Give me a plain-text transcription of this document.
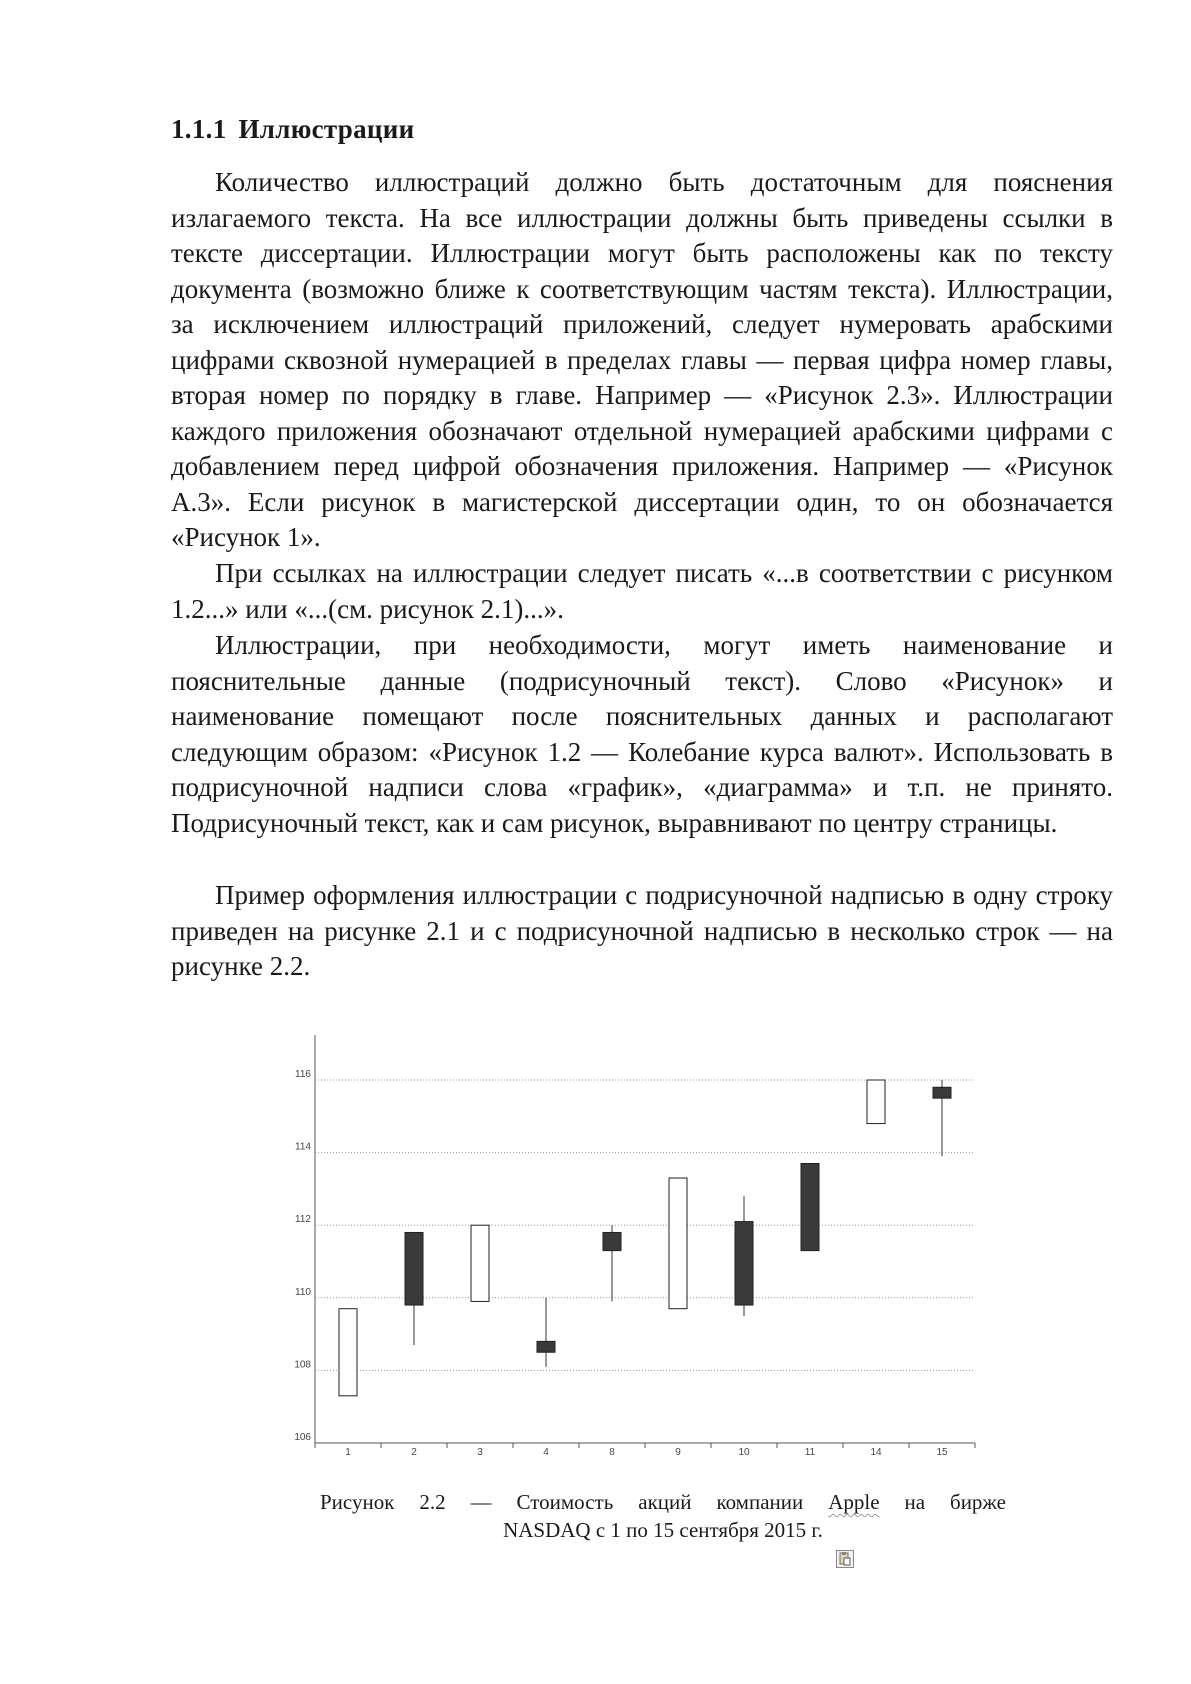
1.1.1 Иллюстрации
Количество иллюстраций должно быть достаточным для пояснения излагаемого текста. На все иллюстрации должны быть приведены ссылки в тексте диссертации. Иллюстрации могут быть расположены как по тексту документа (возможно ближе к соответствующим частям текста). Иллюстрации, за исключением иллюстраций приложений, следует нумеровать арабскими цифрами сквозной нумерацией в пределах главы — первая цифра номер главы, вторая номер по порядку в главе. Например — «Рисунок 2.3». Иллюстрации каждого приложения обозначают отдельной нумерацией арабскими цифрами с добавлением перед цифрой обозначения приложения. Например — «Рисунок А.3». Если рисунок в магистерской диссертации один, то он обозначается «Рисунок 1».
При ссылках на иллюстрации следует писать «...в соответствии с рисунком 1.2...» или «...(см. рисунок 2.1)...».
Иллюстрации, при необходимости, могут иметь наименование и пояснительные данные (подрисуночный текст). Слово «Рисунок» и наименование помещают после пояснительных данных и располагают следующим образом: «Рисунок 1.2 — Колебание курса валют». Использовать в подрисуночной надписи слова «график», «диаграмма» и т.п. не принято. Подрисуночный текст, как и сам рисунок, выравнивают по центру страницы.
Пример оформления иллюстрации с подрисуночной надписью в одну строку приведен на рисунке 2.1 и с подрисуночной надписью в несколько строк — на рисунке 2.2.
106
108
110
112
114
116
1	2	3	4	8	9	10	11	14	15
Рисунок 2.2 — Стоимость акций компании Apple на бирже
NASDAQ с 1 по 15 сентября 2015 г.
